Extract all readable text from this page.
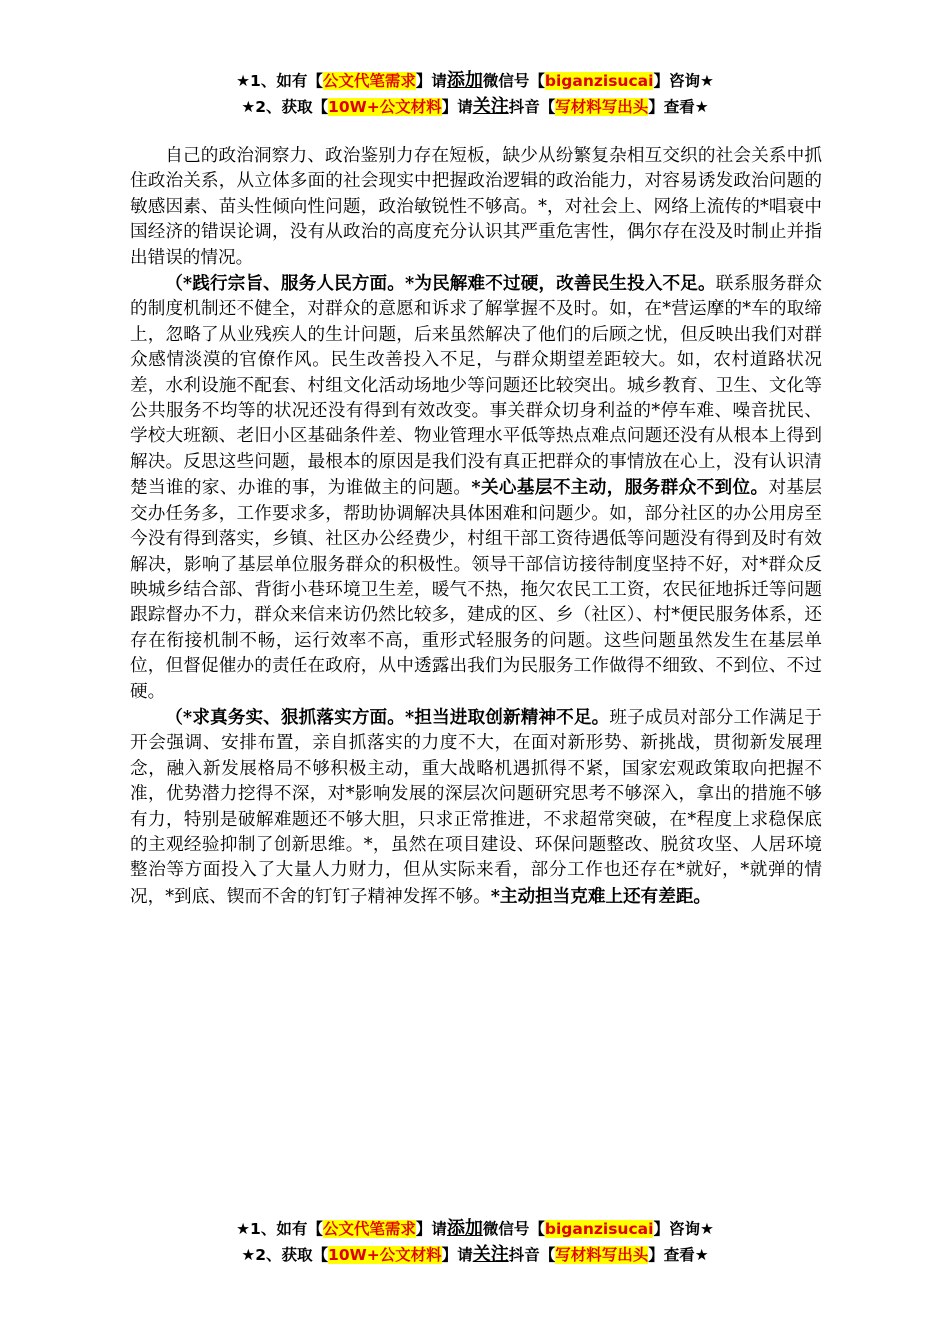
★1、如有【公文代笔需求】请添加微信号【biganzisucai】咨询★
★2、获取【10W+公文材料】请关注抖音【写材料写出头】查看★

自己的政治洞察力、政治鉴别力存在短板，缺少从纷繁复杂相互交织的社会关系中抓住政治关系，从立体多面的社会现实中把握政治逻辑的政治能力，对容易诱发政治问题的敏感因素、苗头性倾向性问题，政治敏锐性不够高。*，对社会上、网络上流传的*唱衰中国经济的错误论调，没有从政治的高度充分认识其严重危害性，偶尔存在没及时制止并指出错误的情况。

（*践行宗旨、服务人民方面。*为民解难不过硬，改善民生投入不足。联系服务群众的制度机制还不健全，对群众的意愿和诉求了解掌握不及时。如，在*营运摩的*车的取缔上，忽略了从业残疾人的生计问题，后来虽然解决了他们的后顾之忧，但反映出我们对群众感情淡漠的官僚作风。民生改善投入不足，与群众期望差距较大。如，农村道路状况差，水利设施不配套、村组文化活动场地少等问题还比较突出。城乡教育、卫生、文化等公共服务不均等的状况还没有得到有效改变。事关群众切身利益的*停车难、噪音扰民、学校大班额、老旧小区基础条件差、物业管理水平低等热点难点问题还没有从根本上得到解决。反思这些问题，最根本的原因是我们没有真正把群众的事情放在心上，没有认识清楚当谁的家、办谁的事，为谁做主的问题。*关心基层不主动，服务群众不到位。对基层交办任务多，工作要求多，帮助协调解决具体困难和问题少。如，部分社区的办公用房至今没有得到落实，乡镇、社区办公经费少，村组干部工资待遇低等问题没有得到及时有效解决，影响了基层单位服务群众的积极性。领导干部信访接待制度坚持不好，对*群众反映城乡结合部、背街小巷环境卫生差，暖气不热，拖欠农民工工资，农民征地拆迁等问题跟踪督办不力，群众来信来访仍然比较多，建成的区、乡（社区）、村*便民服务体系，还存在衔接机制不畅，运行效率不高，重形式轻服务的问题。这些问题虽然发生在基层单位，但督促催办的责任在政府，从中透露出我们为民服务工作做得不细致、不到位、不过硬。

（*求真务实、狠抓落实方面。*担当进取创新精神不足。班子成员对部分工作满足于开会强调、安排布置，亲自抓落实的力度不大，在面对新形势、新挑战，贯彻新发展理念，融入新发展格局不够积极主动，重大战略机遇抓得不紧，国家宏观政策取向把握不准，优势潜力挖得不深，对*影响发展的深层次问题研究思考不够深入，拿出的措施不够有力，特别是破解难题还不够大胆，只求正常推进，不求超常突破，在*程度上求稳保底的主观经验抑制了创新思维。*，虽然在项目建设、环保问题整改、脱贫攻坚、人居环境整治等方面投入了大量人力财力，但从实际来看，部分工作也还存在*就好，*就弹的情况，*到底、锲而不舍的钉钉子精神发挥不够。*主动担当克难上还有差距。

★1、如有【公文代笔需求】请添加微信号【biganzisucai】咨询★
★2、获取【10W+公文材料】请关注抖音【写材料写出头】查看★
